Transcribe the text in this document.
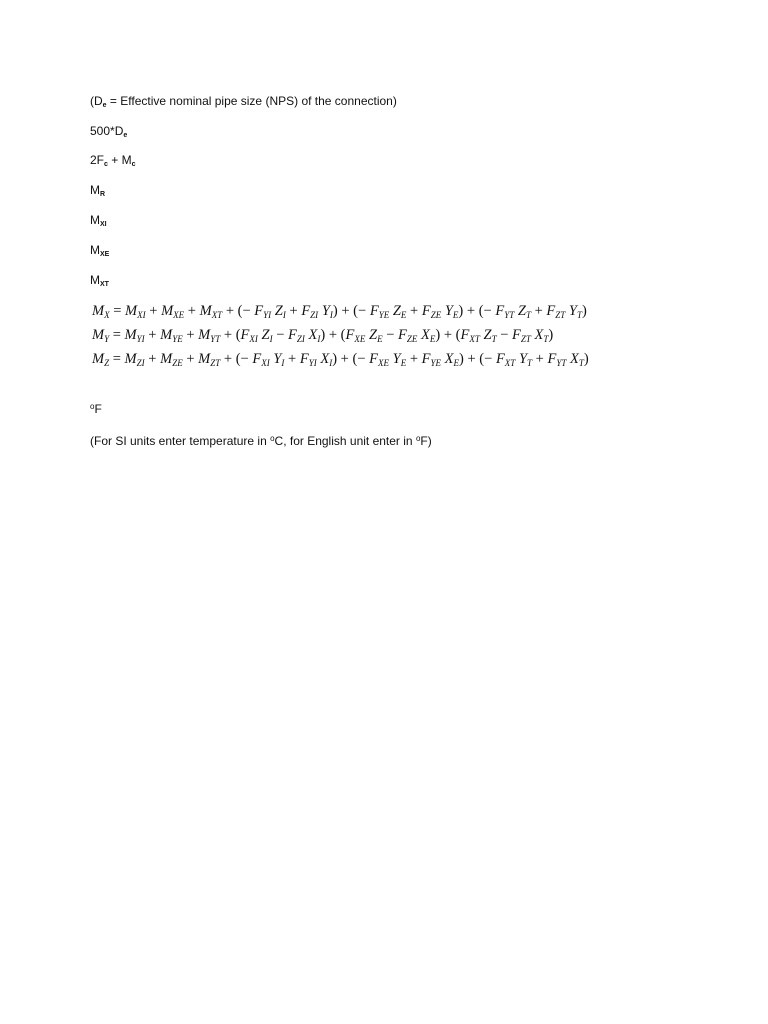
($D_e$ = Effective nominal pipe size (NPS) of the connection)
$500*D_e$
$2F_c + M_c$
$M_R$
$M_{XI}$
$M_{XE}$
$M_{XT}$
$M_X = M_{XI} + M_{XE} + M_{XT}$ + (− $F_{YI}$ $Z_I + F_{ZI}$ $Y_I$) + (− $F_{YE}$ $Z_E + F_{ZE}$ $Y_E$) + (− $F_{YT}$ $Z_T + F_{ZT}$ $Y_T$)
$M_Y = M_{YI} + M_{YE} + M_{YT} + (F_{XI}$ $Z_I - F_{ZI}$ $X_I) + (F_{XE}$ $Z_E - F_{ZE}$ $X_E) + (F_{XT}$ $Z_T - F_{ZT}$ $X_T$)
$M_Z = M_{ZI} + M_{ZE} + M_{ZT}$ + (− $F_{XI}$ $Y_I + F_{YI}$ $X_I$) + (− $F_{XE}$ $Y_E + F_{YE}$ $X_E$) + (− $F_{XT}$ $Y_T + F_{YT}$ $X_T$)
$^o$F
(For SI units enter temperature in $^o$C, for English unit enter in $^o$F)
